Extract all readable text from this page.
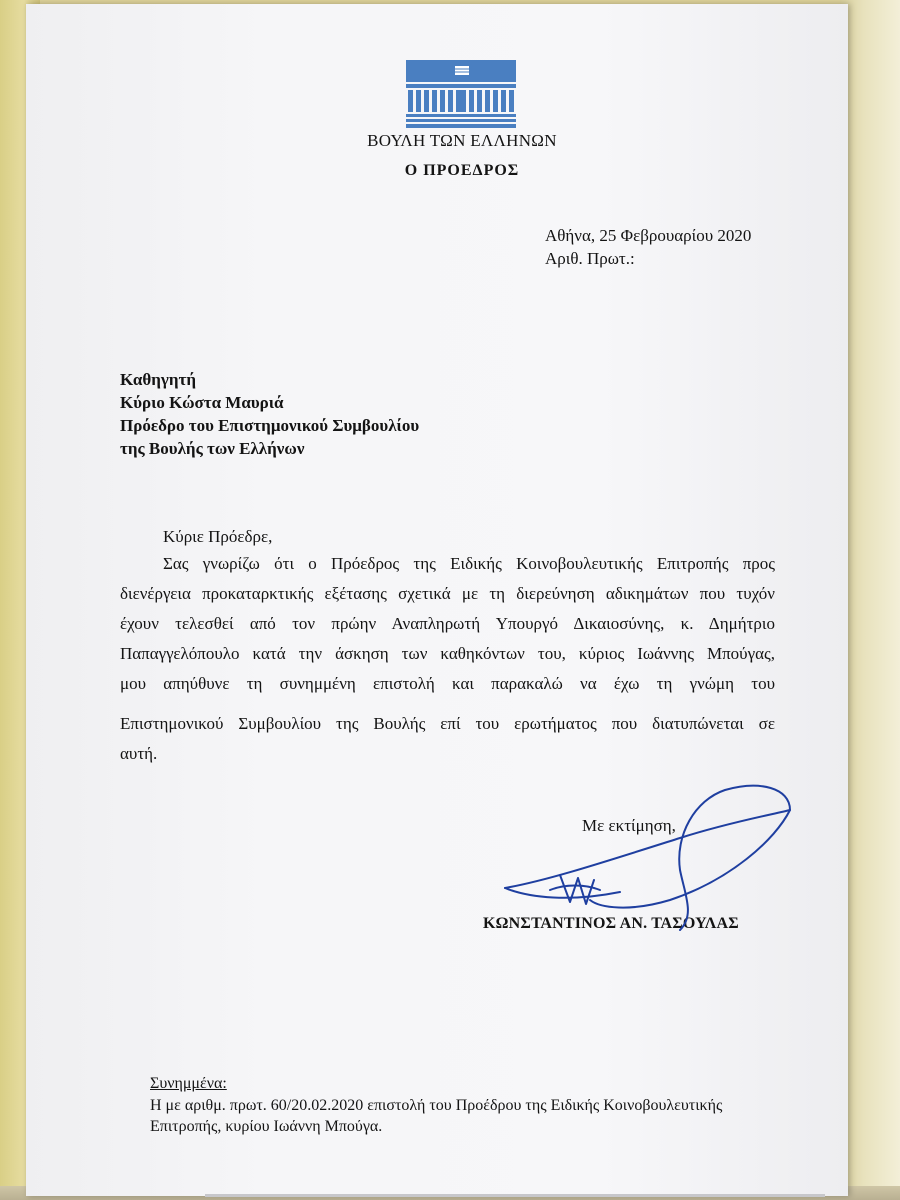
ΒΟΥΛΗ ΤΩΝ ΕΛΛΗΝΩΝ
Ο ΠΡΟΕΔΡΟΣ
Αθήνα, 25 Φεβρουαρίου 2020
Αριθ. Πρωτ.:
Καθηγητή
Κύριο Κώστα Μαυριά
Πρόεδρο του Επιστημονικού Συμβουλίου
της Βουλής των Ελλήνων
Κύριε Πρόεδρε,
Σας γνωρίζω ότι ο Πρόεδρος της Ειδικής Κοινοβουλευτικής Επιτροπής προς
διενέργεια προκαταρκτικής εξέτασης σχετικά με τη διερεύνηση αδικημάτων που τυχόν
έχουν τελεσθεί από τον πρώην Αναπληρωτή Υπουργό Δικαιοσύνης, κ. Δημήτριο
Παπαγγελόπουλο κατά την άσκηση των καθηκόντων του, κύριος Ιωάννης Μπούγας,
μου απηύθυνε τη συνημμένη επιστολή και παρακαλώ να έχω τη γνώμη του
Επιστημονικού Συμβουλίου της Βουλής επί του ερωτήματος που διατυπώνεται σε
αυτή.
Με εκτίμηση,
ΚΩΝΣΤΑΝΤΙΝΟΣ ΑΝ. ΤΑΣΟΥΛΑΣ
Συνημμένα:
Η με αριθμ. πρωτ. 60/20.02.2020 επιστολή του Προέδρου της Ειδικής Κοινοβουλευτικής Επιτροπής, κυρίου Ιωάννη Μπούγα.
